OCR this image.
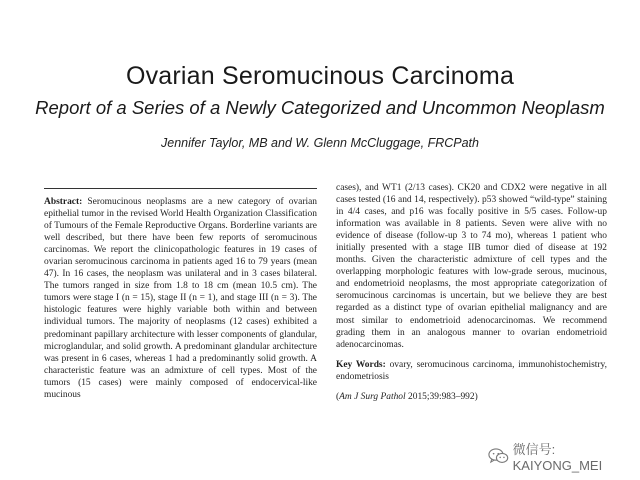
Ovarian Seromucinous Carcinoma
Report of a Series of a Newly Categorized and Uncommon Neoplasm
Jennifer Taylor, MB and W. Glenn McCluggage, FRCPath
Abstract: Seromucinous neoplasms are a new category of ovarian epithelial tumor in the revised World Health Organization Classification of Tumours of the Female Reproductive Organs. Borderline variants are well described, but there have been few reports of seromucinous carcinomas. We report the clinicopathologic features in 19 cases of ovarian seromucinous carcinoma in patients aged 16 to 79 years (mean 47). In 16 cases, the neoplasm was unilateral and in 3 cases bilateral. The tumors ranged in size from 1.8 to 18 cm (mean 10.5 cm). The tumors were stage I (n = 15), stage II (n = 1), and stage III (n = 3). The histologic features were highly variable both within and between individual tumors. The majority of neoplasms (12 cases) exhibited a predominant papillary architecture with lesser components of glandular, microglandular, and solid growth. A predominant glandular architecture was present in 6 cases, whereas 1 had a predominantly solid growth. A characteristic feature was an admixture of cell types. Most of the tumors (15 cases) were mainly composed of endocervical-like mucinous
cases), and WT1 (2/13 cases). CK20 and CDX2 were negative in all cases tested (16 and 14, respectively). p53 showed “wild-type” staining in 4/4 cases, and p16 was focally positive in 5/5 cases. Follow-up information was available in 8 patients. Seven were alive with no evidence of disease (follow-up 3 to 74 mo), whereas 1 patient who initially presented with a stage IIB tumor died of disease at 192 months. Given the characteristic admixture of cell types and the overlapping morphologic features with low-grade serous, mucinous, and endometrioid neoplasms, the most appropriate categorization of seromucinous carcinomas is uncertain, but we believe they are best regarded as a distinct type of ovarian epithelial malignancy and are most similar to endometrioid adenocarcinomas. We recommend grading them in an analogous manner to ovarian endometrioid adenocarcinomas.
Key Words: ovary, seromucinous carcinoma, immunohistochemistry, endometriosis
(Am J Surg Pathol 2015;39:983–992)
微信号: KAIYONG_MEI
